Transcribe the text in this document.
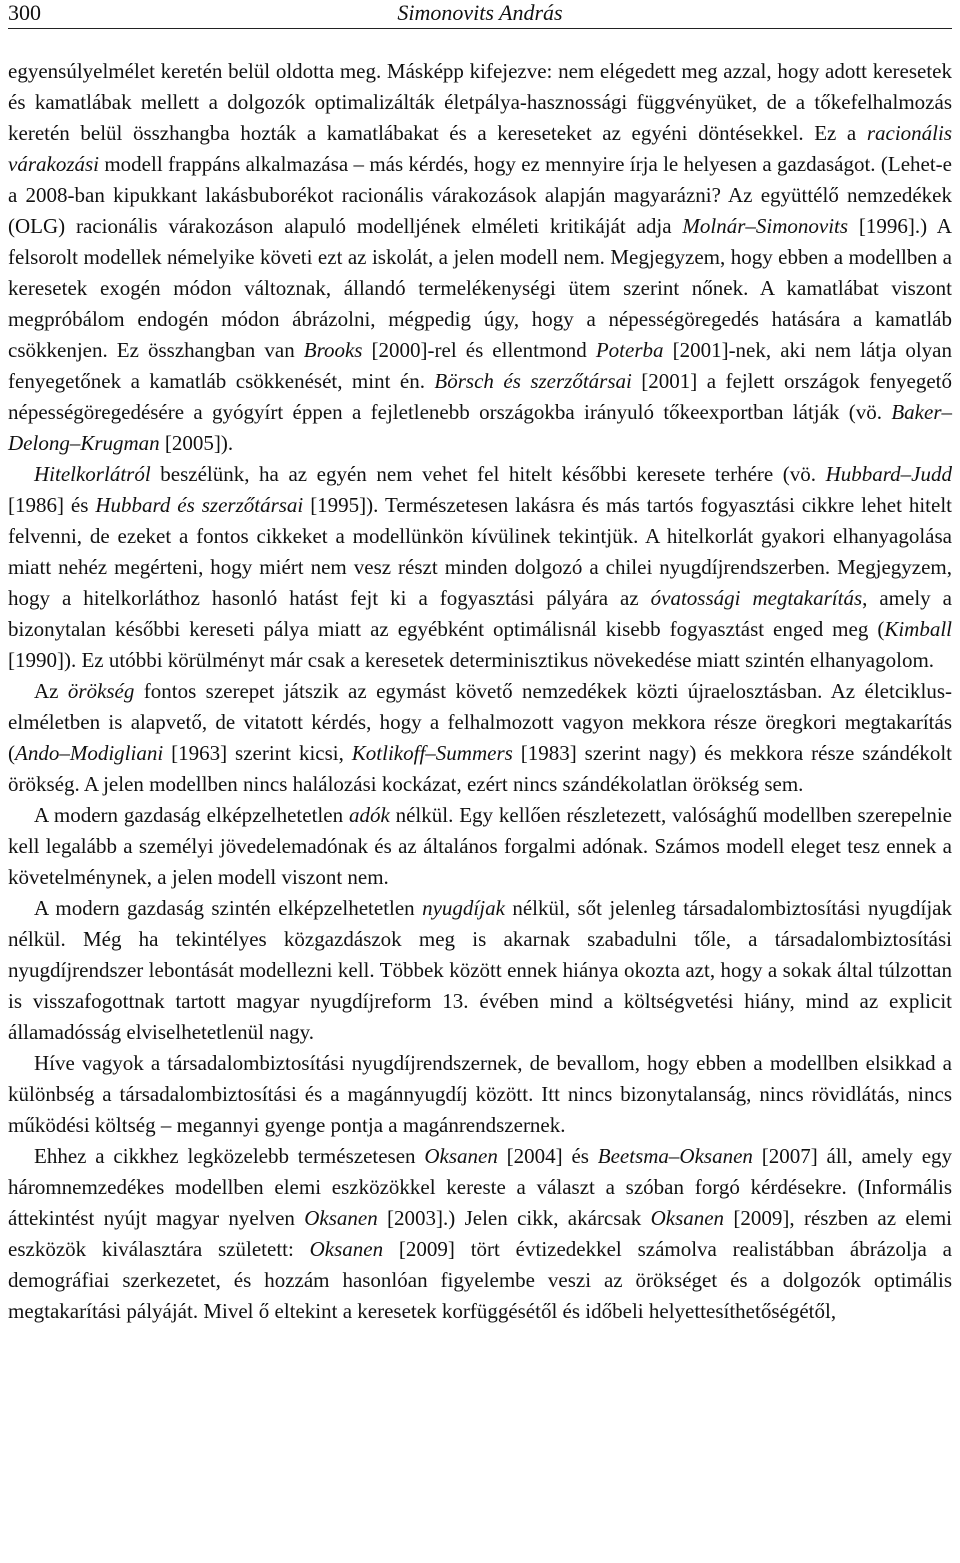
300	Simonovits András

egyensúlyelmélet keretén belül oldotta meg. Másképp kifejezve: nem elégedett meg azzal, hogy adott keresetek és kamatlábak mellett a dolgozók optimalizálták életpálya-hasznossági függvényüket, de a tőkefelhalmozás keretén belül összhangba hozták a kamatlábakat és a kereseteket az egyéni döntésekkel. Ez a racionális várakozási modell frappáns alkalmazása – más kérdés, hogy ez mennyire írja le helyesen a gazdaságot. (Lehet-e a 2008-ban kipukkant lakásbuborékot racionális várakozások alapján magyarázni? Az együttélő nemzedékek (OLG) racionális várakozáson alapuló modelljének elméleti kritikáját adja Molnár–Simonovits [1996].) A felsorolt modellek némelyike követi ezt az iskolát, a jelen modell nem. Megjegyzem, hogy ebben a modellben a keresetek exogén módon változnak, állandó termelékenységi ütem szerint nőnek. A kamatlábat viszont megpróbálom endogén módon ábrázolni, mégpedig úgy, hogy a népességöregedés hatására a kamatláb csökkenjen. Ez összhangban van Brooks [2000]-rel és ellentmond Poterba [2001]-nek, aki nem látja olyan fenyegetőnek a kamatláb csökkenését, mint én. Börsch és szerzőtársai [2001] a fejlett országok fenyegető népességöregedésére a gyógyírt éppen a fejletlenebb országokba irányuló tőkeexportban látják (vö. Baker–Delong–Krugman [2005]).

Hitelkorlátról beszélünk, ha az egyén nem vehet fel hitelt későbbi keresete terhére (vö. Hubbard–Judd [1986] és Hubbard és szerzőtársai [1995]). Természetesen lakásra és más tartós fogyasztási cikkre lehet hitelt felvenni, de ezeket a fontos cikkeket a modellünkön kívülinek tekintjük. A hitelkorlát gyakori elhanyagolása miatt nehéz megérteni, hogy miért nem vesz részt minden dolgozó a chilei nyugdíjrendszerben. Megjegyzem, hogy a hitelkorláthoz hasonló hatást fejt ki a fogyasztási pályára az óvatossági megtakarítás, amely a bizonytalan későbbi kereseti pálya miatt az egyébként optimálisnál kisebb fogyasztást enged meg (Kimball [1990]). Ez utóbbi körülményt már csak a keresetek determinisztikus növekedése miatt szintén elhanyagolom.

Az örökség fontos szerepet játszik az egymást követő nemzedékek közti újraelosztásban. Az életciklus-elméletben is alapvető, de vitatott kérdés, hogy a felhalmozott vagyon mekkora része öregkori megtakarítás (Ando–Modigliani [1963] szerint kicsi, Kotlikoff–Summers [1983] szerint nagy) és mekkora része szándékolt örökség. A jelen modellben nincs halálozási kockázat, ezért nincs szándékolatlan örökség sem.

A modern gazdaság elképzelhetetlen adók nélkül. Egy kellően részletezett, valósághű modellben szerepelnie kell legalább a személyi jövedelemadónak és az általános forgalmi adónak. Számos modell eleget tesz ennek a követelménynek, a jelen modell viszont nem.

A modern gazdaság szintén elképzelhetetlen nyugdíjak nélkül, sőt jelenleg társadalombiztosítási nyugdíjak nélkül. Még ha tekintélyes közgazdászok meg is akarnak szabadulni tőle, a társadalombiztosítási nyugdíjrendszer lebontását modellezni kell. Többek között ennek hiánya okozta azt, hogy a sokak által túlzottan is visszafogottnak tartott magyar nyugdíjreform 13. évében mind a költségvetési hiány, mind az explicit államadósság elviselhetetlenül nagy.

Híve vagyok a társadalombiztosítási nyugdíjrendszernek, de bevallom, hogy ebben a modellben elsikkad a különbség a társadalombiztosítási és a magánnyugdíj között. Itt nincs bizonytalanság, nincs rövidlátás, nincs működési költség – megannyi gyenge pontja a magánrendszernek.

Ehhez a cikkhez legközelebb természetesen Oksanen [2004] és Beetsma–Oksanen [2007] áll, amely egy háromnemzedékes modellben elemi eszközökkel kereste a választ a szóban forgó kérdésekre. (Informális áttekintést nyújt magyar nyelven Oksanen [2003].) Jelen cikk, akárcsak Oksanen [2009], részben az elemi eszközök kiválasztára született: Oksanen [2009] tört évtizedekkel számolva realistábban ábrázolja a demográfiai szerkezetet, és hozzám hasonlóan figyelembe veszi az örökséget és a dolgozók optimális megtakarítási pályáját. Mivel ő eltekint a keresetek korfüggésétől és időbeli helyettesíthetőségétől,
